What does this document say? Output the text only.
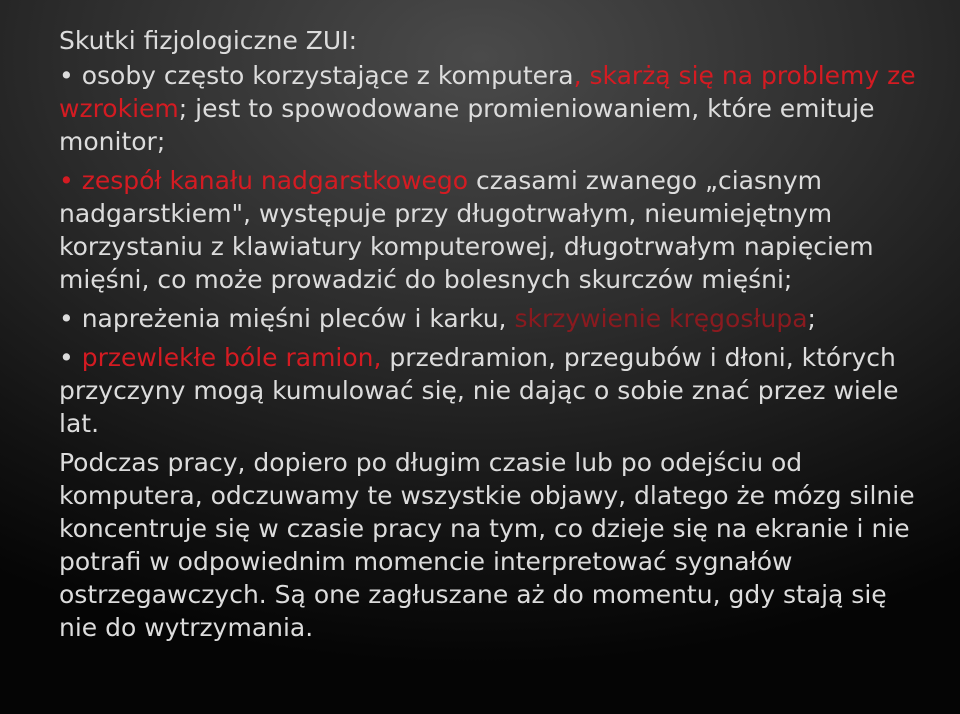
Skutki fizjologiczne ZUI:
• osoby często korzystające z komputera, skarżą się na problemy ze wzrokiem; jest to spowodowane promieniowaniem, które emituje monitor;
• zespół kanału nadgarstkowego czasami zwanego „ciasnym nadgarstkiem", występuje przy długotrwałym, nieumiejętnym korzystaniu z klawiatury komputerowej, długotrwałym napięciem mięśni, co może prowadzić do bolesnych skurczów mięśni;
• napreżenia mięśni pleców i karku, skrzywienie kręgosłupa;
• przewlekłe bóle ramion, przedramion, przegubów i dłoni, których przyczyny mogą kumulować się, nie dając o sobie znać przez wiele lat.

Podczas pracy, dopiero po długim czasie lub po odejściu od komputera, odczuwamy te wszystkie objawy, dlatego że mózg silnie koncentruje się w czasie pracy na tym, co dzieje się na ekranie i nie potrafi w odpowiednim momencie interpretować sygnałów ostrzegawczych. Są one zagłuszane aż do momentu, gdy stają się nie do wytrzymania.
